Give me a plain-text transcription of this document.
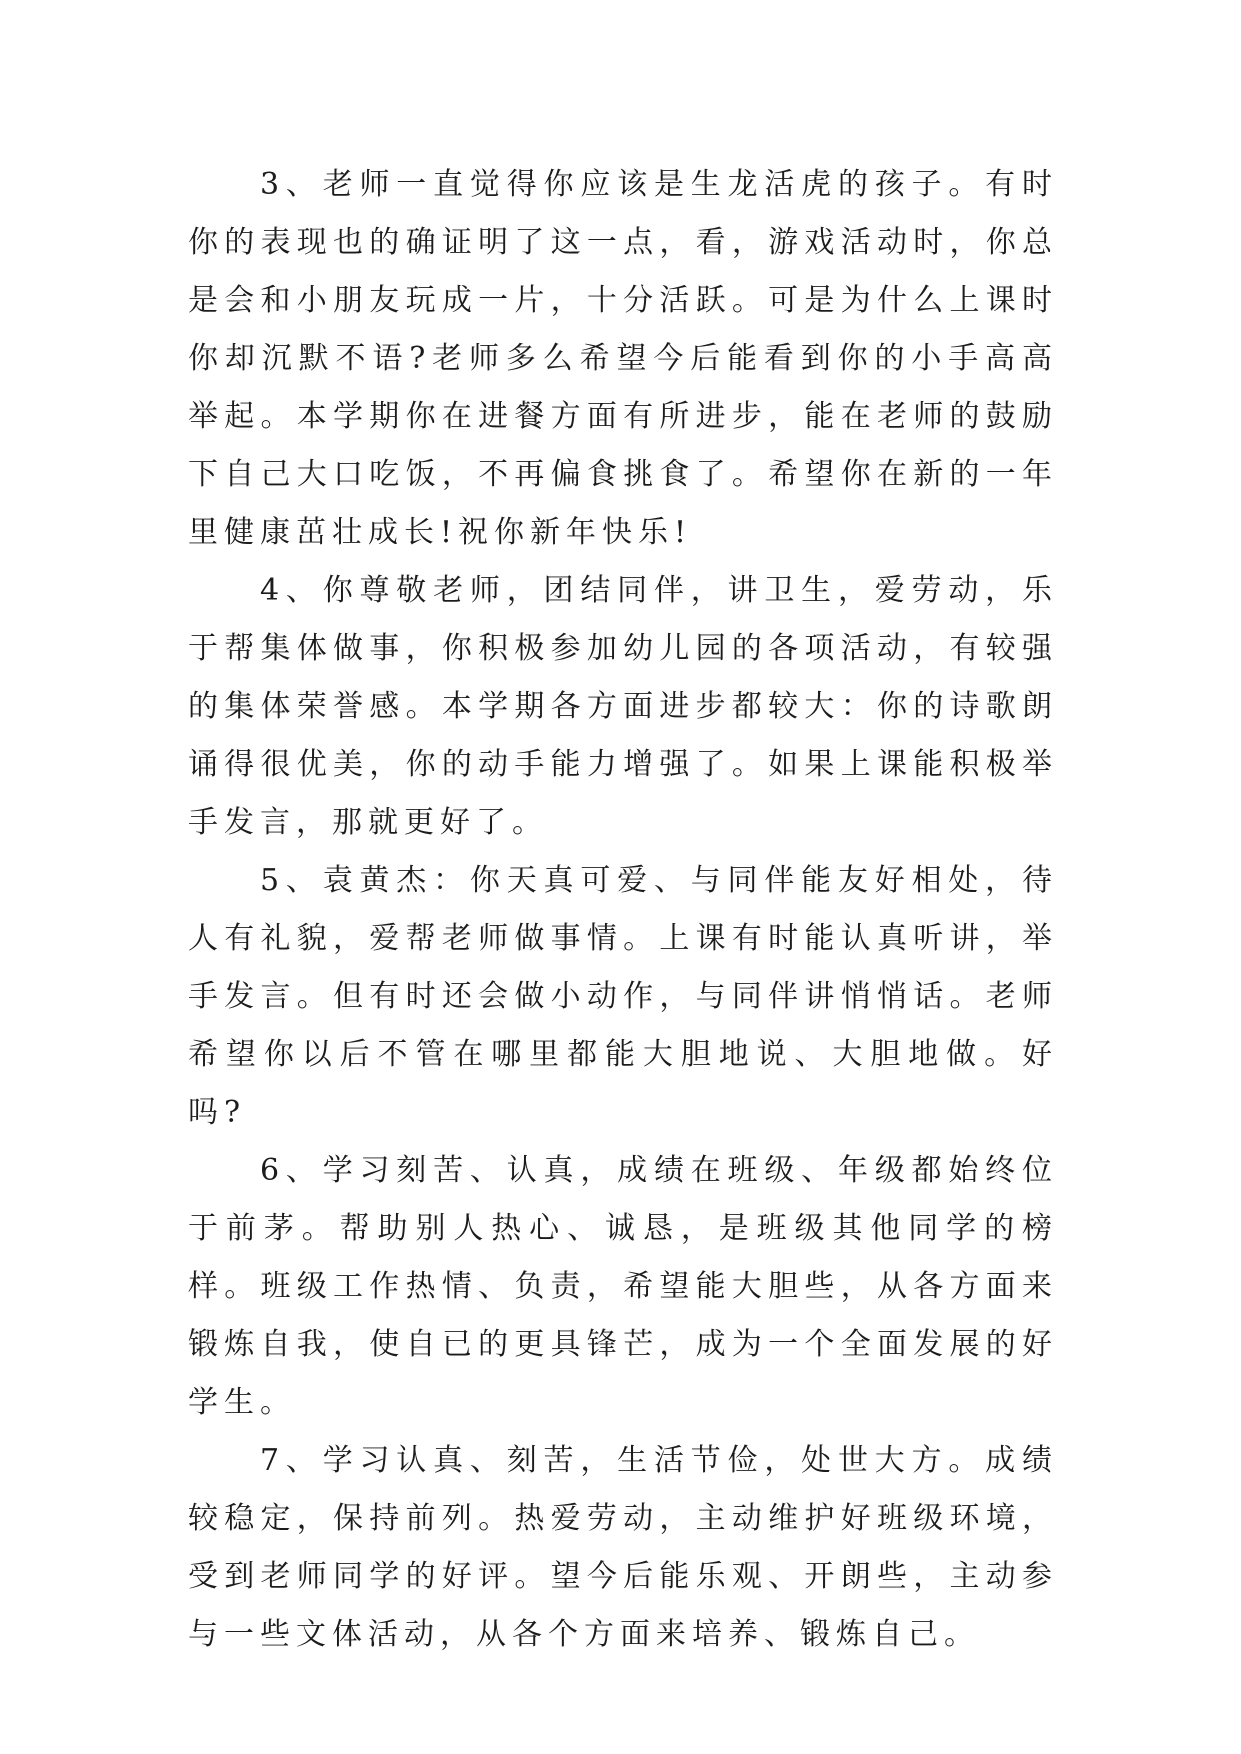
3、老师一直觉得你应该是生龙活虎的孩子。有时你的表现也的确证明了这一点，看，游戏活动时，你总是会和小朋友玩成一片，十分活跃。可是为什么上课时你却沉默不语?老师多么希望今后能看到你的小手高高举起。本学期你在进餐方面有所进步，能在老师的鼓励下自己大口吃饭，不再偏食挑食了。希望你在新的一年里健康茁壮成长!祝你新年快乐!

4、你尊敬老师，团结同伴，讲卫生，爱劳动，乐于帮集体做事，你积极参加幼儿园的各项活动，有较强的集体荣誉感。本学期各方面进步都较大：你的诗歌朗诵得很优美，你的动手能力增强了。如果上课能积极举手发言，那就更好了。

5、袁黄杰：你天真可爱、与同伴能友好相处，待人有礼貌，爱帮老师做事情。上课有时能认真听讲，举手发言。但有时还会做小动作，与同伴讲悄悄话。老师希望你以后不管在哪里都能大胆地说、大胆地做。好吗?

6、学习刻苦、认真，成绩在班级、年级都始终位于前茅。帮助别人热心、诚恳，是班级其他同学的榜样。班级工作热情、负责，希望能大胆些，从各方面来锻炼自我，使自已的更具锋芒，成为一个全面发展的好学生。

7、学习认真、刻苦，生活节俭，处世大方。成绩较稳定，保持前列。热爱劳动，主动维护好班级环境，受到老师同学的好评。望今后能乐观、开朗些，主动参与一些文体活动，从各个方面来培养、锻炼自己。
